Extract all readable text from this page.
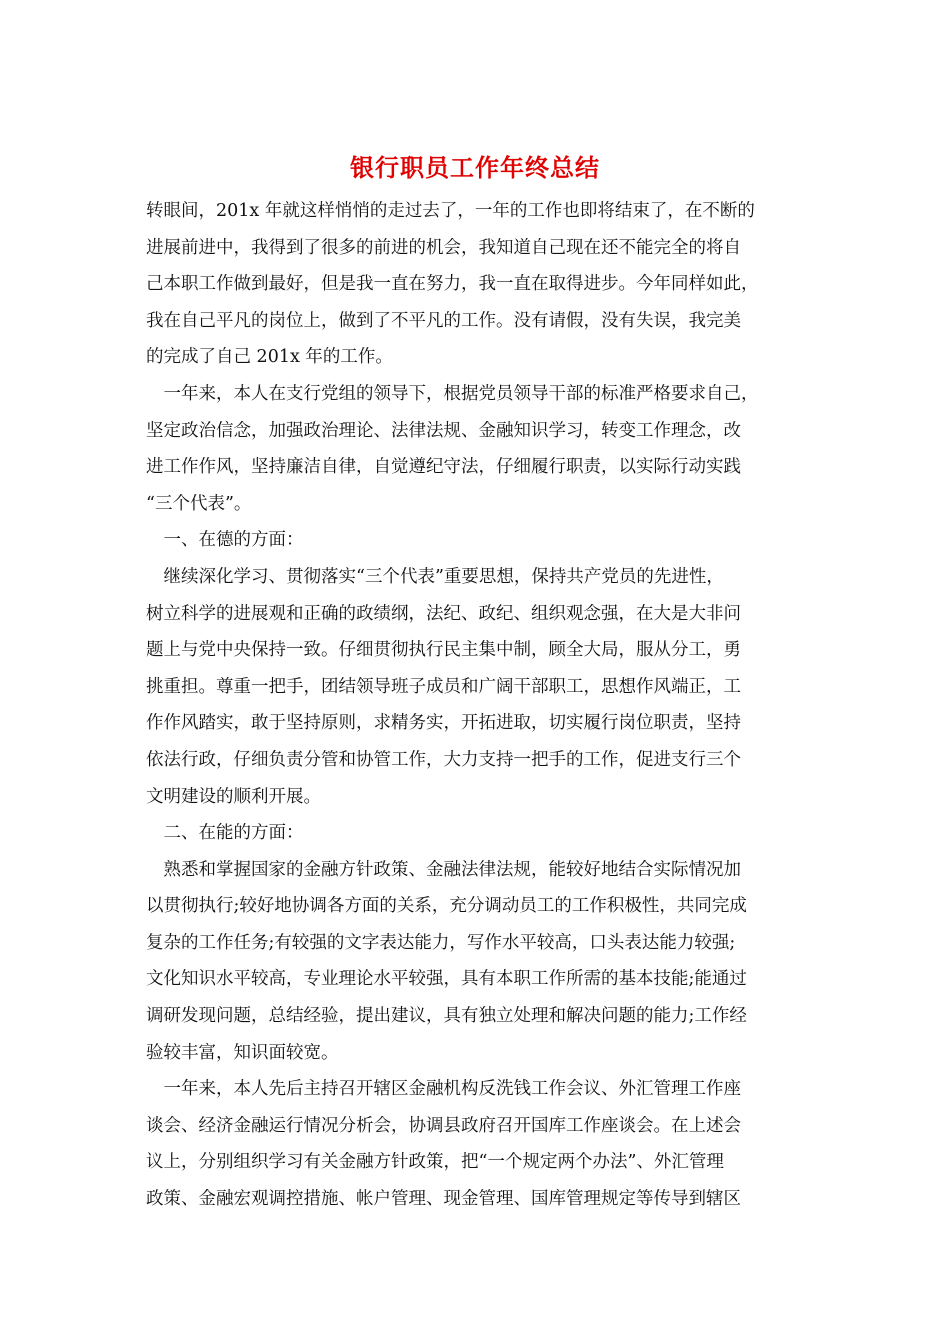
银行职员工作年终总结
转眼间，201x 年就这样悄悄的走过去了，一年的工作也即将结束了，在不断的
进展前进中，我得到了很多的前进的机会，我知道自己现在还不能完全的将自
己本职工作做到最好，但是我一直在努力，我一直在取得进步。今年同样如此，
我在自己平凡的岗位上，做到了不平凡的工作。没有请假，没有失误，我完美
的完成了自己 201x 年的工作。
　一年来，本人在支行党组的领导下，根据党员领导干部的标准严格要求自己，
坚定政治信念，加强政治理论、法律法规、金融知识学习，转变工作理念，改
进工作作风，坚持廉洁自律，自觉遵纪守法，仔细履行职责，以实际行动实践
“三个代表”。
　一、在德的方面：
　继续深化学习、贯彻落实“三个代表”重要思想，保持共产党员的先进性，
树立科学的进展观和正确的政绩纲，法纪、政纪、组织观念强，在大是大非问
题上与党中央保持一致。仔细贯彻执行民主集中制，顾全大局，服从分工，勇
挑重担。尊重一把手，团结领导班子成员和广阔干部职工，思想作风端正，工
作作风踏实，敢于坚持原则，求精务实，开拓进取，切实履行岗位职责，坚持
依法行政，仔细负责分管和协管工作，大力支持一把手的工作，促进支行三个
文明建设的顺利开展。
　二、在能的方面：
　熟悉和掌握国家的金融方针政策、金融法律法规，能较好地结合实际情况加
以贯彻执行;较好地协调各方面的关系，充分调动员工的工作积极性，共同完成
复杂的工作任务;有较强的文字表达能力，写作水平较高，口头表达能力较强;
文化知识水平较高，专业理论水平较强，具有本职工作所需的基本技能;能通过
调研发现问题，总结经验，提出建议，具有独立处理和解决问题的能力;工作经
验较丰富，知识面较宽。
　一年来，本人先后主持召开辖区金融机构反洗钱工作会议、外汇管理工作座
谈会、经济金融运行情况分析会，协调县政府召开国库工作座谈会。在上述会
议上，分别组织学习有关金融方针政策，把“一个规定两个办法”、外汇管理
政策、金融宏观调控措施、帐户管理、现金管理、国库管理规定等传导到辖区
